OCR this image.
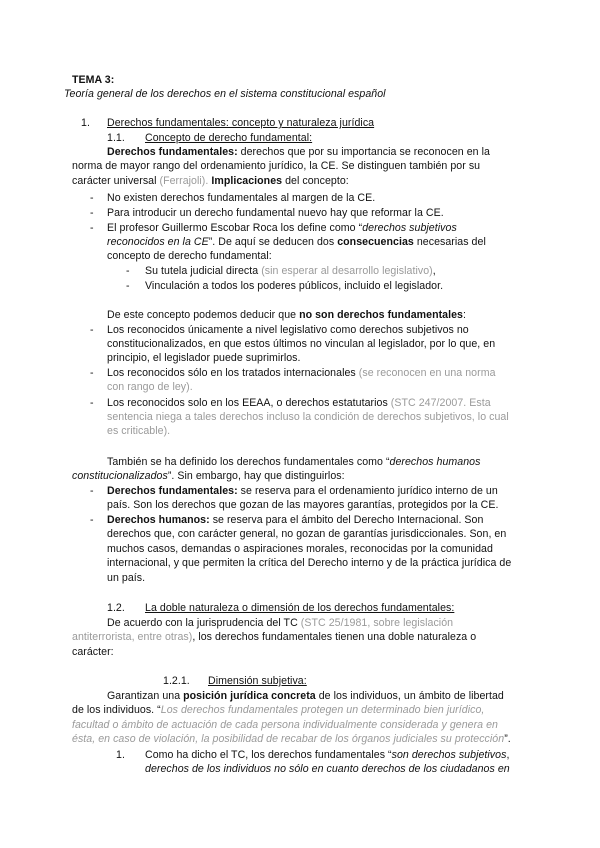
TEMA 3:
Teoría general de los derechos en el sistema constitucional español
1. Derechos fundamentales: concepto y naturaleza jurídica
1.1. Concepto de derecho fundamental:
Derechos fundamentales: derechos que por su importancia se reconocen en la
norma de mayor rango del ordenamiento jurídico, la CE. Se distinguen también por su
carácter universal (Ferrajoli). Implicaciones del concepto:
- No existen derechos fundamentales al margen de la CE.
- Para introducir un derecho fundamental nuevo hay que reformar la CE.
- El profesor Guillermo Escobar Roca los define como “derechos subjetivos
reconocidos en la CE”. De aquí se deducen dos consecuencias necesarias del
concepto de derecho fundamental:
- Su tutela judicial directa (sin esperar al desarrollo legislativo),
- Vinculación a todos los poderes públicos, incluido el legislador.
De este concepto podemos deducir que no son derechos fundamentales:
- Los reconocidos únicamente a nivel legislativo como derechos subjetivos no
constitucionalizados, en que estos últimos no vinculan al legislador, por lo que, en
principio, el legislador puede suprimirlos.
- Los reconocidos sólo en los tratados internacionales (se reconocen en una norma
con rango de ley).
- Los reconocidos solo en los EEAA, o derechos estatutarios (STC 247/2007. Esta
sentencia niega a tales derechos incluso la condición de derechos subjetivos, lo cual
es criticable).
También se ha definido los derechos fundamentales como “derechos humanos
constitucionalizados”. Sin embargo, hay que distinguirlos:
- Derechos fundamentales: se reserva para el ordenamiento jurídico interno de un
país. Son los derechos que gozan de las mayores garantías, protegidos por la CE.
- Derechos humanos: se reserva para el ámbito del Derecho Internacional. Son
derechos que, con carácter general, no gozan de garantías jurisdiccionales. Son, en
muchos casos, demandas o aspiraciones morales, reconocidas por la comunidad
internacional, y que permiten la crítica del Derecho interno y de la práctica jurídica de
un país.
1.2. La doble naturaleza o dimensión de los derechos fundamentales:
De acuerdo con la jurisprudencia del TC (STC 25/1981, sobre legislación
antiterrorista, entre otras), los derechos fundamentales tienen una doble naturaleza o
carácter:
1.2.1. Dimensión subjetiva:
Garantizan una posición jurídica concreta de los individuos, un ámbito de libertad
de los individuos. “Los derechos fundamentales protegen un determinado bien jurídico,
facultad o ámbito de actuación de cada persona individualmente considerada y genera en
ésta, en caso de violación, la posibilidad de recabar de los órganos judiciales su protección”.
1. Como ha dicho el TC, los derechos fundamentales “son derechos subjetivos,
derechos de los individuos no sólo en cuanto derechos de los ciudadanos en
